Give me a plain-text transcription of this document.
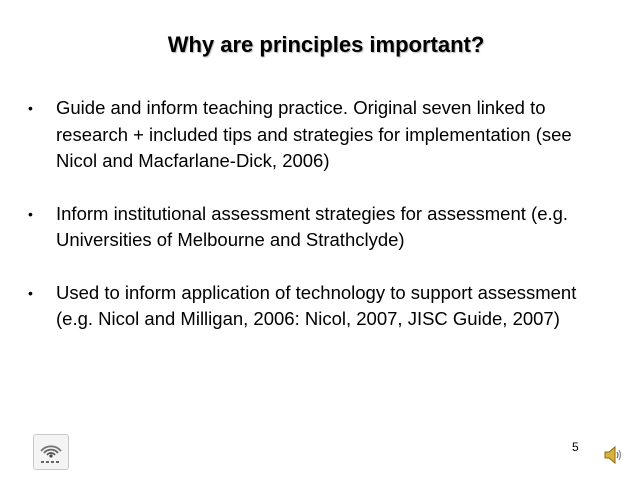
Why are principles important?
•	Guide and inform teaching practice. Original seven linked to research + included tips and strategies for implementation (see Nicol and Macfarlane-Dick, 2006)
•	Inform institutional assessment strategies for assessment (e.g. Universities of Melbourne and Strathclyde)
•	Used to inform application of technology to support assessment (e.g. Nicol and Milligan, 2006: Nicol, 2007, JISC Guide, 2007)
5
